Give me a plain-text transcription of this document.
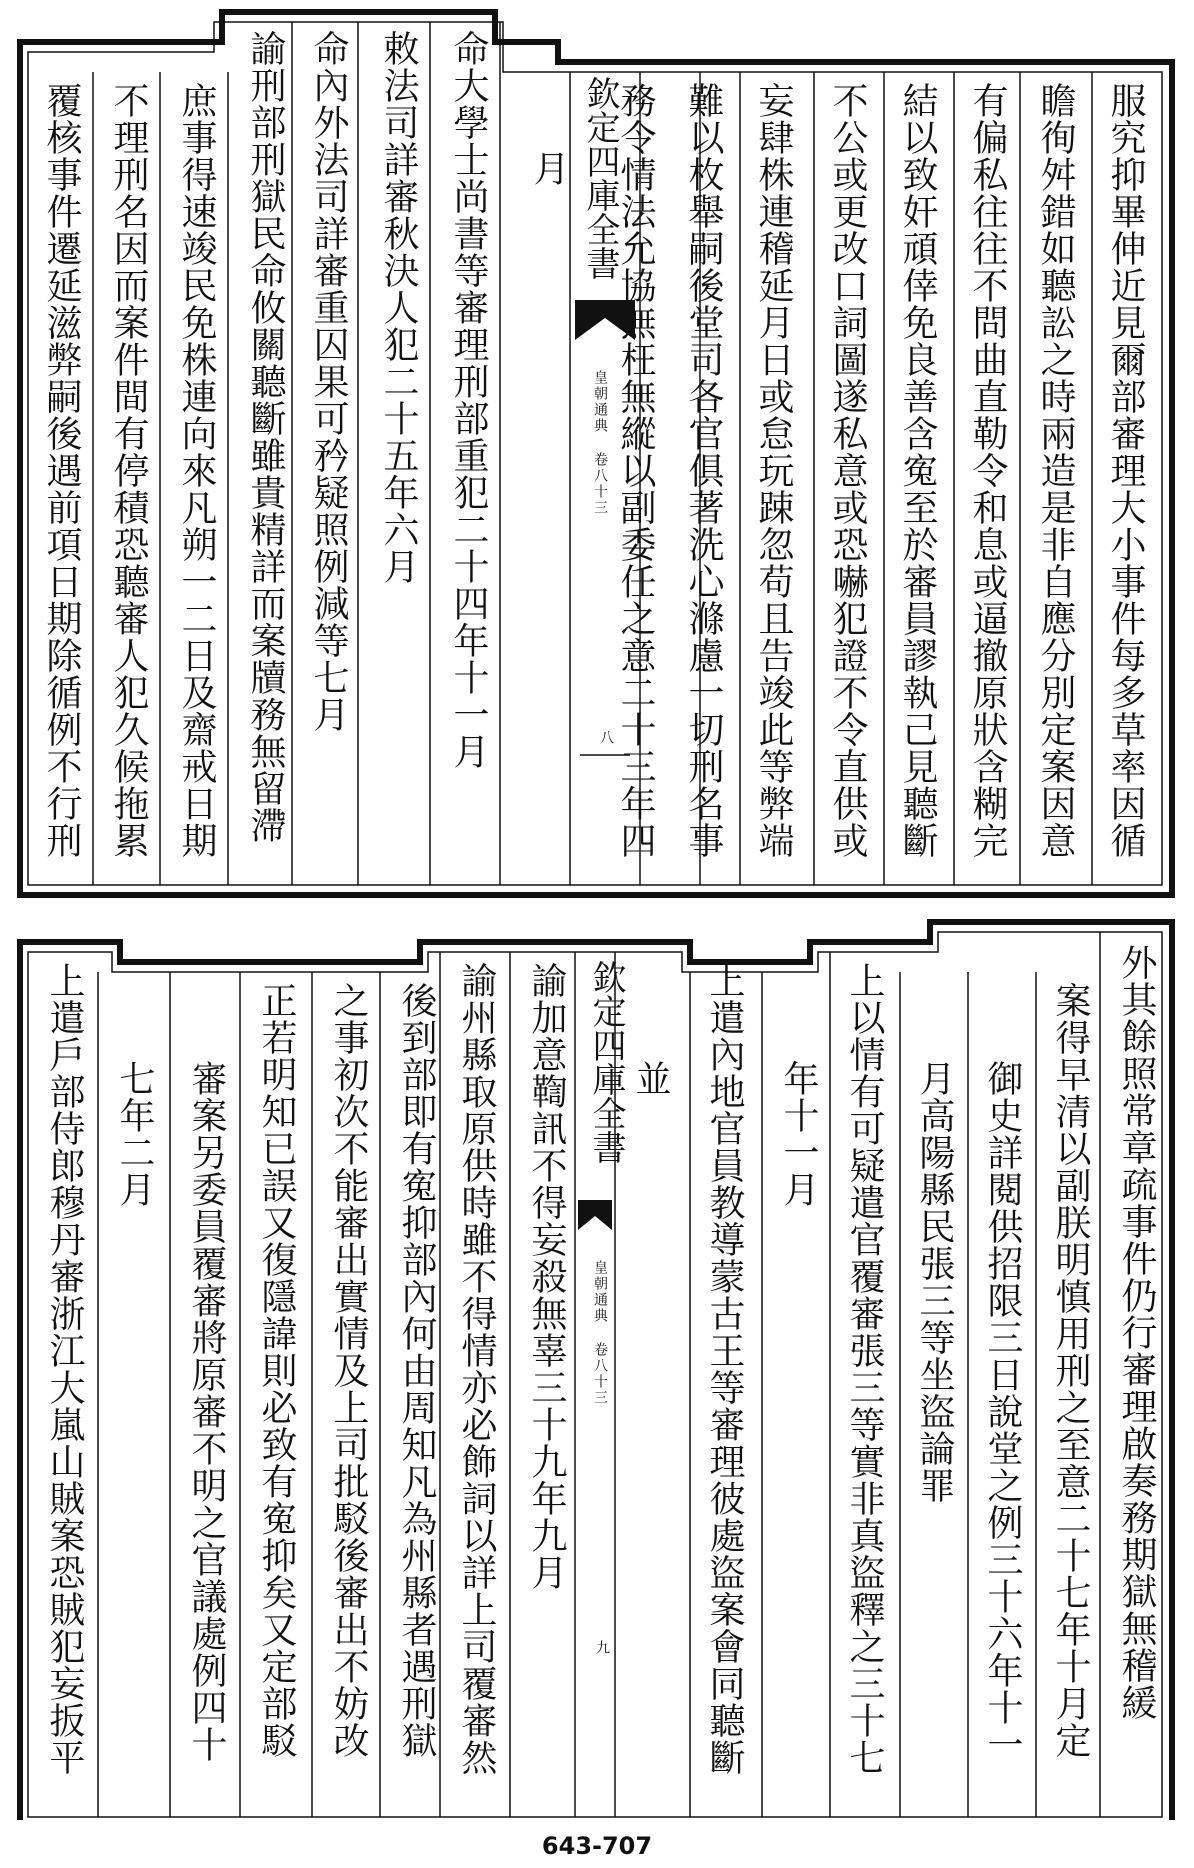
服究抑畢伸近見爾部審理大小事件每多草率因循
瞻徇舛錯如聽訟之時兩造是非自應分別定案因意
有偏私往往不問曲直勒令和息或逼撤原狀含糊完
結以致奸頑倖免良善含寃至於審員謬執己見聽斷
不公或更改口詞圖遂私意或恐嚇犯證不令直供或
妄肆株連稽延月日或怠玩踈忽苟且告竣此等弊端
難以枚舉嗣後堂司各官俱著洗心滌慮一切刑名事
務令情法允協無枉無縱以副委任之意二十三年四
欽定四庫全書
皇朝通典 卷八十三
八
月
命大學士尚書等審理刑部重犯二十四年十一月
敕法司詳審秋決人犯二十五年六月
命內外法司詳審重囚果可矜疑照例減等七月
諭刑部刑獄民命攸關聽斷雖貴精詳而案牘務無留滯
庶事得速竣民免株連向來凡朔一二日及齋戒日期
不理刑名因而案件間有停積恐聽審人犯久候拖累
覆核事件遷延滋弊嗣後遇前項日期除循例不行刑
外其餘照常章疏事件仍行審理啟奏務期獄無稽緩
案得早清以副朕明慎用刑之至意二十七年十月定
御史詳閱供招限三日說堂之例三十六年十一
月高陽縣民張三等坐盜論罪
上以情有可疑遣官覆審張三等實非真盜釋之三十七
年十一月
上遣內地官員教導蒙古王等審理彼處盜案會同聽斷
並
欽定四庫全書
皇朝通典 卷八十三
九
諭加意鞫訊不得妄殺無辜三十九年九月
諭州縣取原供時雖不得情亦必飾詞以詳上司覆審然
後到部即有寃抑部內何由周知凡為州縣者遇刑獄
之事初次不能審出實情及上司批駁後審出不妨改
正若明知已誤又復隱諱則必致有寃抑矣又定部駁
審案另委員覆審將原審不明之官議處例四十
七年二月
上遣戶部侍郎穆丹審浙江大嵐山賊案恐賊犯妄扳平
643-707
